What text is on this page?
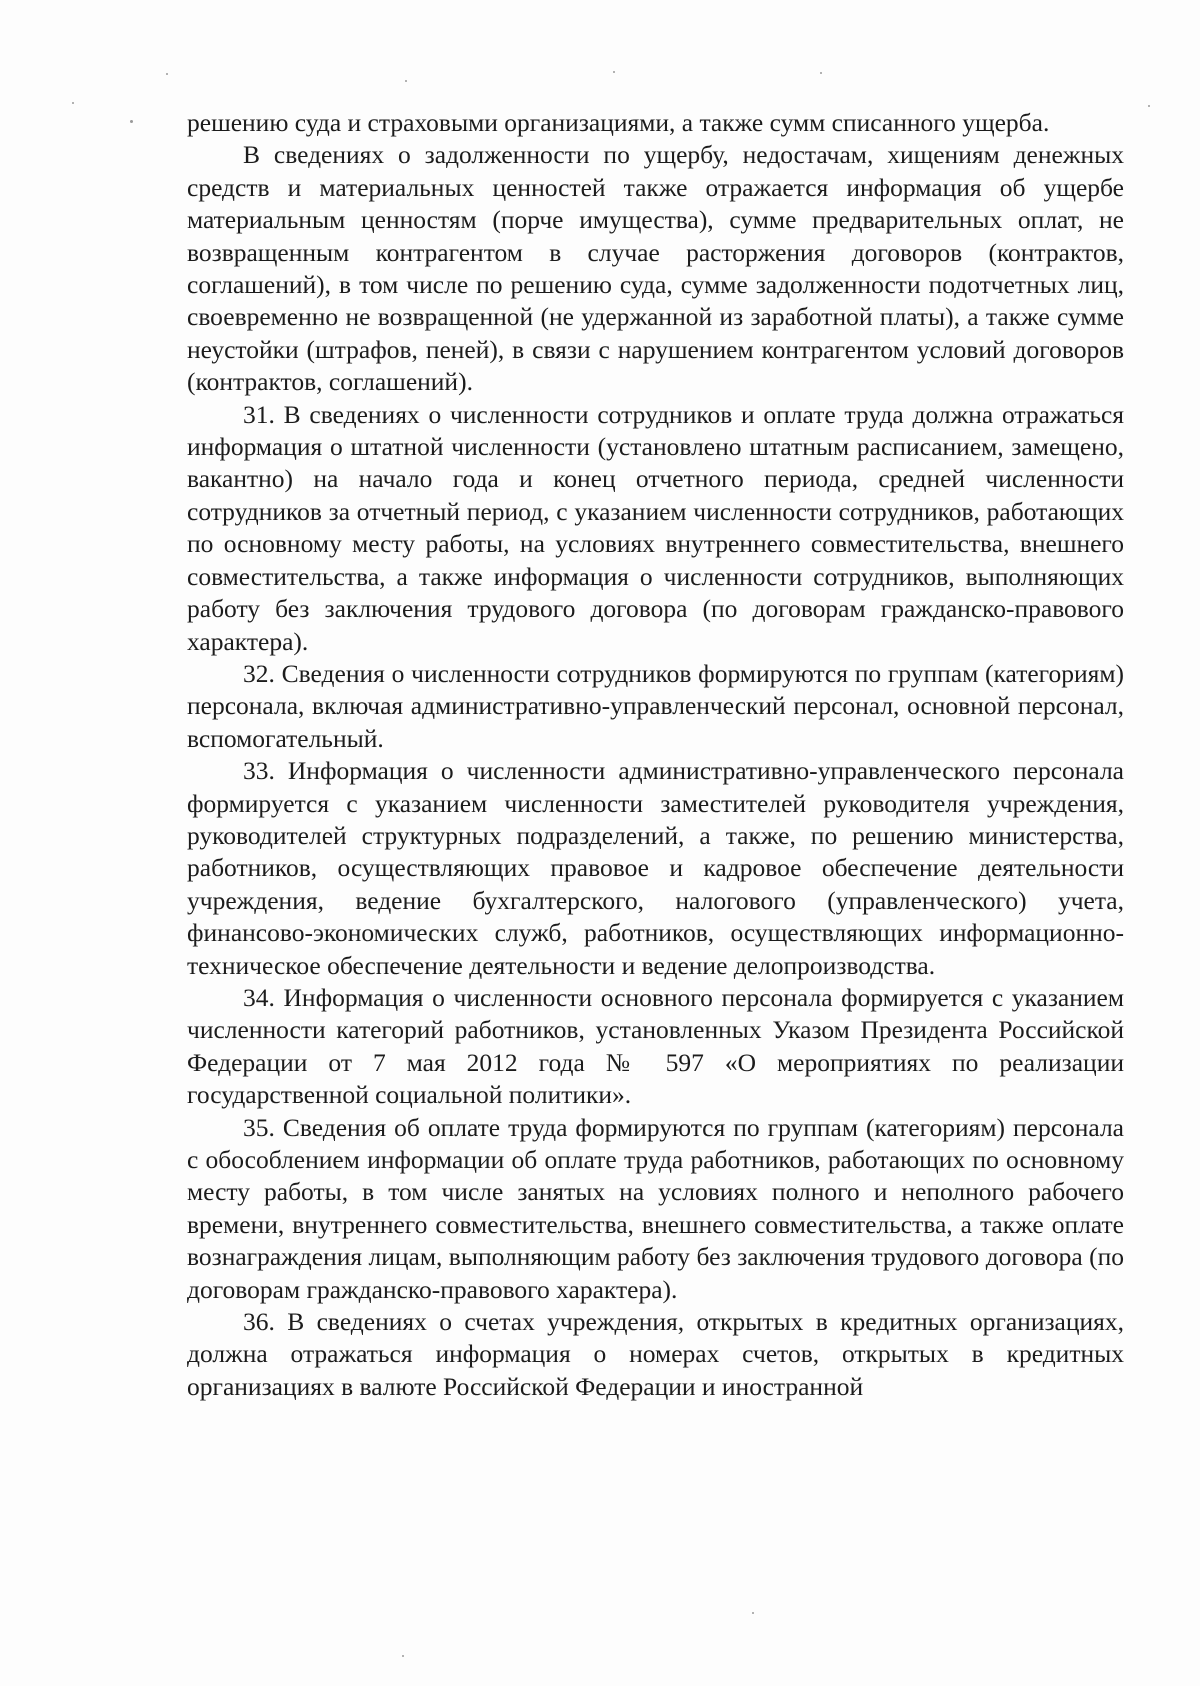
решению суда и страховыми организациями, а также сумм списанного ущерба.

В сведениях о задолженности по ущербу, недостачам, хищениям денежных средств и материальных ценностей также отражается информация об ущербе материальным ценностям (порче имущества), сумме предварительных оплат, не возвращенным контрагентом в случае расторжения договоров (контрактов, соглашений), в том числе по решению суда, сумме задолженности подотчетных лиц, своевременно не возвращенной (не удержанной из заработной платы), а также сумме неустойки (штрафов, пеней), в связи с нарушением контрагентом условий договоров (контрактов, соглашений).

31. В сведениях о численности сотрудников и оплате труда должна отражаться информация о штатной численности (установлено штатным расписанием, замещено, вакантно) на начало года и конец отчетного периода, средней численности сотрудников за отчетный период, с указанием численности сотрудников, работающих по основному месту работы, на условиях внутреннего совместительства, внешнего совместительства, а также информация о численности сотрудников, выполняющих работу без заключения трудового договора (по договорам гражданско-правового характера).

32. Сведения о численности сотрудников формируются по группам (категориям) персонала, включая административно-управленческий персонал, основной персонал, вспомогательный.

33. Информация о численности административно-управленческого персонала формируется с указанием численности заместителей руководителя учреждения, руководителей структурных подразделений, а также, по решению министерства, работников, осуществляющих правовое и кадровое обеспечение деятельности учреждения, ведение бухгалтерского, налогового (управленческого) учета, финансово-экономических служб, работников, осуществляющих информационно-техническое обеспечение деятельности и ведение делопроизводства.

34. Информация о численности основного персонала формируется с указанием численности категорий работников, установленных Указом Президента Российской Федерации от 7 мая 2012 года № 597 «О мероприятиях по реализации государственной социальной политики».

35. Сведения об оплате труда формируются по группам (категориям) персонала с обособлением информации об оплате труда работников, работающих по основному месту работы, в том числе занятых на условиях полного и неполного рабочего времени, внутреннего совместительства, внешнего совместительства, а также оплате вознаграждения лицам, выполняющим работу без заключения трудового договора (по договорам гражданско-правового характера).

36. В сведениях о счетах учреждения, открытых в кредитных организациях, должна отражаться информация о номерах счетов, открытых в кредитных организациях в валюте Российской Федерации и иностранной
